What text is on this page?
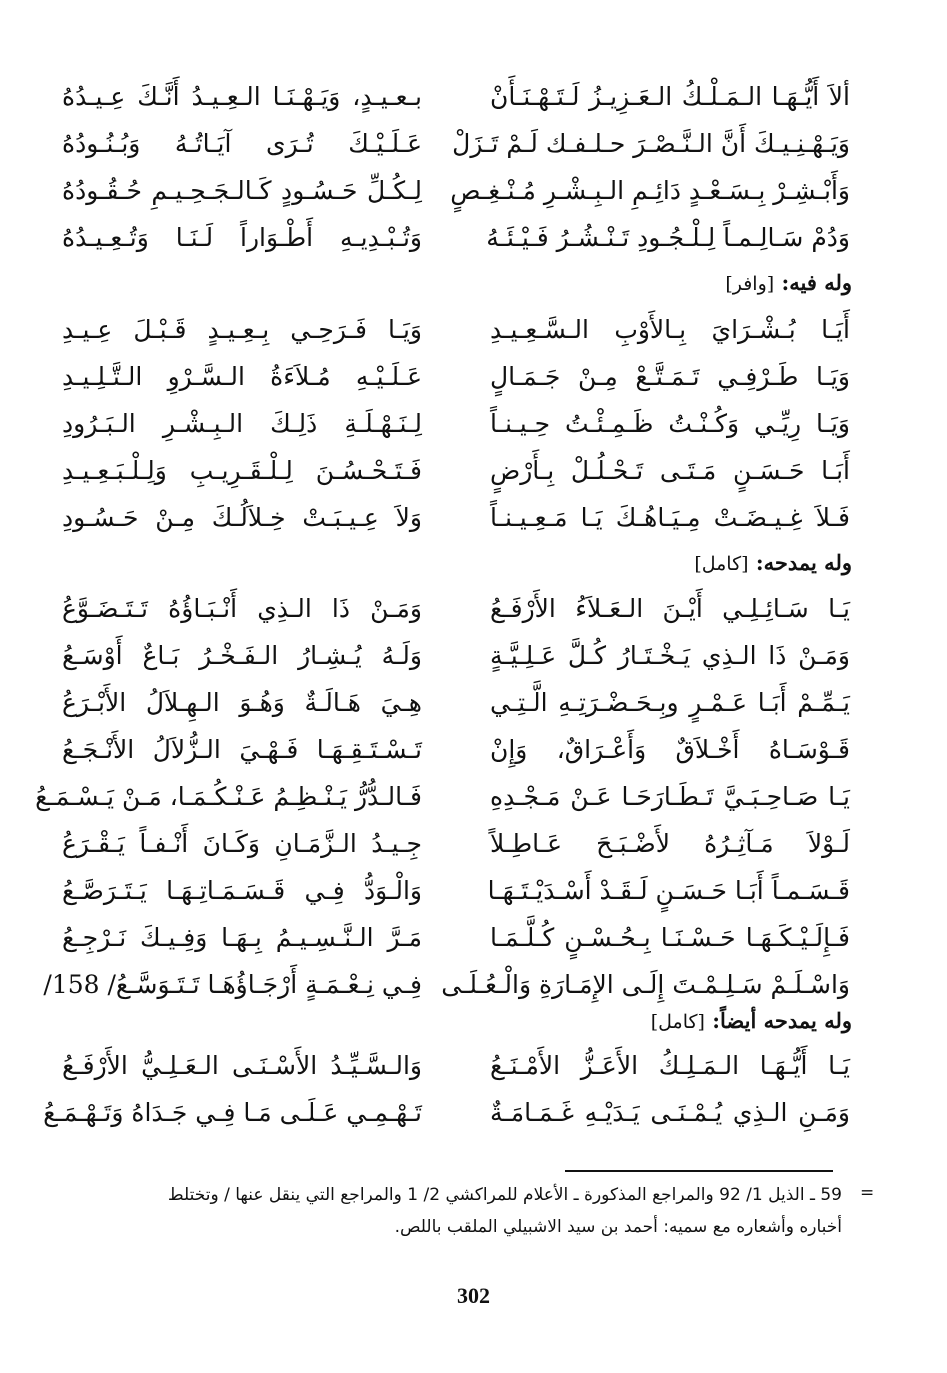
ألاَ أَيُّـهَـا الـمَـلْـكُ الـعَـزِيـزُ لَـتَـهْـنَـأَنْ
بـعـيـدٍ، وَيَـهْـنَـا الـعِـيـدُ أَنَّـكَ عِـيـدُهُ
وَيَـهْـنِـيـكَ أَنَّ الـنَّـصْـرَ حـلـفـك لَـمْ تَـزَلْ
عَـلَـيْـكَ تُـرَى آيَـاتُـهُ وَبُـنُـودُهُ
وَأَبْـشِـرْ بِـسَـعْـدٍ دَائِـمِ الـبِـشْـرِ مُـنْـغِـصٍ
لِـكُـلِّ حَـسُـودٍ كَـالـجَـحِـيـمِ حُـقُـودُهُ
وَدُمْ سَـالِـمـاً لِـلْـجُـودِ تَـنْـشُـرُ فَـيْـئَـهُ
وَتُـبْـدِيـهِ أَطْـوَاراً لَـنَـا وَتُـعِـيـدُهُ
وله فيه: [وافر]
أَيَـا بُـشْـرَايَ بِـالأَوْبِ الـسَّـعِـيـدِ
وَيَـا فَـرَحِـي بِـعِـيـدٍ قَـبْـلَ عِـيـدِ
وَيَـا طَـرْفِـي تَـمَـتَّـعْ مِـنْ جَـمَـالٍ
عَـلَـيْـهِ مُـلاَءَةُ الـسَّـرْوِ الـتَّـلِـيـدِ
وَيَـا رِيِّـي وَكُـنْـتُ ظَـمِـئْـتُ حِـيـنـاً
لِـنَـهْـلَـةِ ذَلِـكَ الـبِـشْـرِ الـبَـرُودِ
أَبَـا حَـسَـنٍ مَـتَـى تَـحْـلُـلْ بِـأَرْضٍ
فَـتَـحْـسُـنَ لِـلْـقَـرِيـبِ وَلِـلْـبَـعِـيـدِ
فَـلاَ غِـيـضَـتْ مِـيَـاهُـكَ يَـا مَـعِـيـنـاً
وَلاَ عِـيـبَـتْ خِـلاَلُـكَ مِـنْ حَـسُـودِ
وله يمدحه: [كامل]
يَـا سَـائِـلِـي أَيْـنَ الـعَـلاَءُ الأَرْفَـعُ
وَمَـنْ ذَا الـذِي أَنْـبَـاؤُهُ تَـتَـضَـوَّعُ
وَمَـنْ ذَا الـذِي يَـخْـتَـارُ كُـلَّ عَـلِـيَّـةٍ
وَلَـهُ يُـشِـارُ الـفَـخْـرُ بَـاعٌ أَوْسَـعُ
يَـمِّـمْ أَبَـا عَـمْـرٍ وبِـحَـضْـرَتِـهِ الَّـتِـي
هِـيَ هَـالَـةٌ وَهُـوَ الـهِـلاَلُ الأَبْـرَعُ
قَـوْسَـاهُ أَخْـلاَقٌ وَأَعْـرَاقٌ، وَإِنْ
تَـسْـتَـقِـهَـا فَـهْـيَ الـزُّلاَلُ الأَنْـجَـعُ
يَـا صَـاحِـبَـيَّ تَـطَـارَحَـا عَـنْ مَـجْـدِهِ
فَـالـدُّرُّ يَـنْـظِـمُ عَـنْـكُـمَـا، مَـنْ يَـسْـمَـعُ
لَـوْلاَ مَـآثِـرُهُ لأَضْـبَـحَ عَـاطِـلاً
جِـيـدُ الـزَّمَـانِ وَكَـانَ أَنْـفـاً يَـقْـرَعُ
قَـسَـمـاً أَبَـا حَـسَـنٍ لَـقَـدْ أَسْـدَيْـتَـهَـا
وَالْـوَدُّ فِـي قَـسَـمَـاتِـهَـا يَـتَـرَصَّـعُ
فَـإِلَـيْـكَـهَـا حَـسْـنَـا بِـحُـسْـنٍ كُـلَّـمَـا
مَـرَّ الـنَّـسِـيـمُ بِـهَـا وَفِـيـكَ نَـرْجِـعُ
وَاسْـلَـمْ سَـلِـمْـتَ إِلَـى الإِمَـارَةِ وَالْـعُـلَـى
فِـي نِـعْـمَـةٍ أَرْجَـاؤُهَـا تَـتَـوَسَّـعُ/ 158/
وله يمدحه أيضاً: [كامل]
يَـا أَيُّـهَـا الـمَـلِـكُ الأَعَـزُّ الأَمْـنَـعُ
وَالـسَّـيِّـدُ الأَسْـنَـى الـعَـلِـيُّ الأَرْفَـعُ
وَمَـنِ الـذِي يُـمْـنَـى يَـدَيْـهِ غَـمَـامَـةٌ
تَـهْـمِـي عَـلَـى مَـا فِـي جَـدَاهُ وَتَـهْـمَـعُ
=
59 ـ الذيل 1/ 92 والمراجع المذكورة ـ الأعلام للمراكشي 2/ 1 والمراجع التي ينقل عنها / وتختلط
أخباره وأشعاره مع سميه: أحمد بن سيد الاشبيلي الملقب باللص.
302
